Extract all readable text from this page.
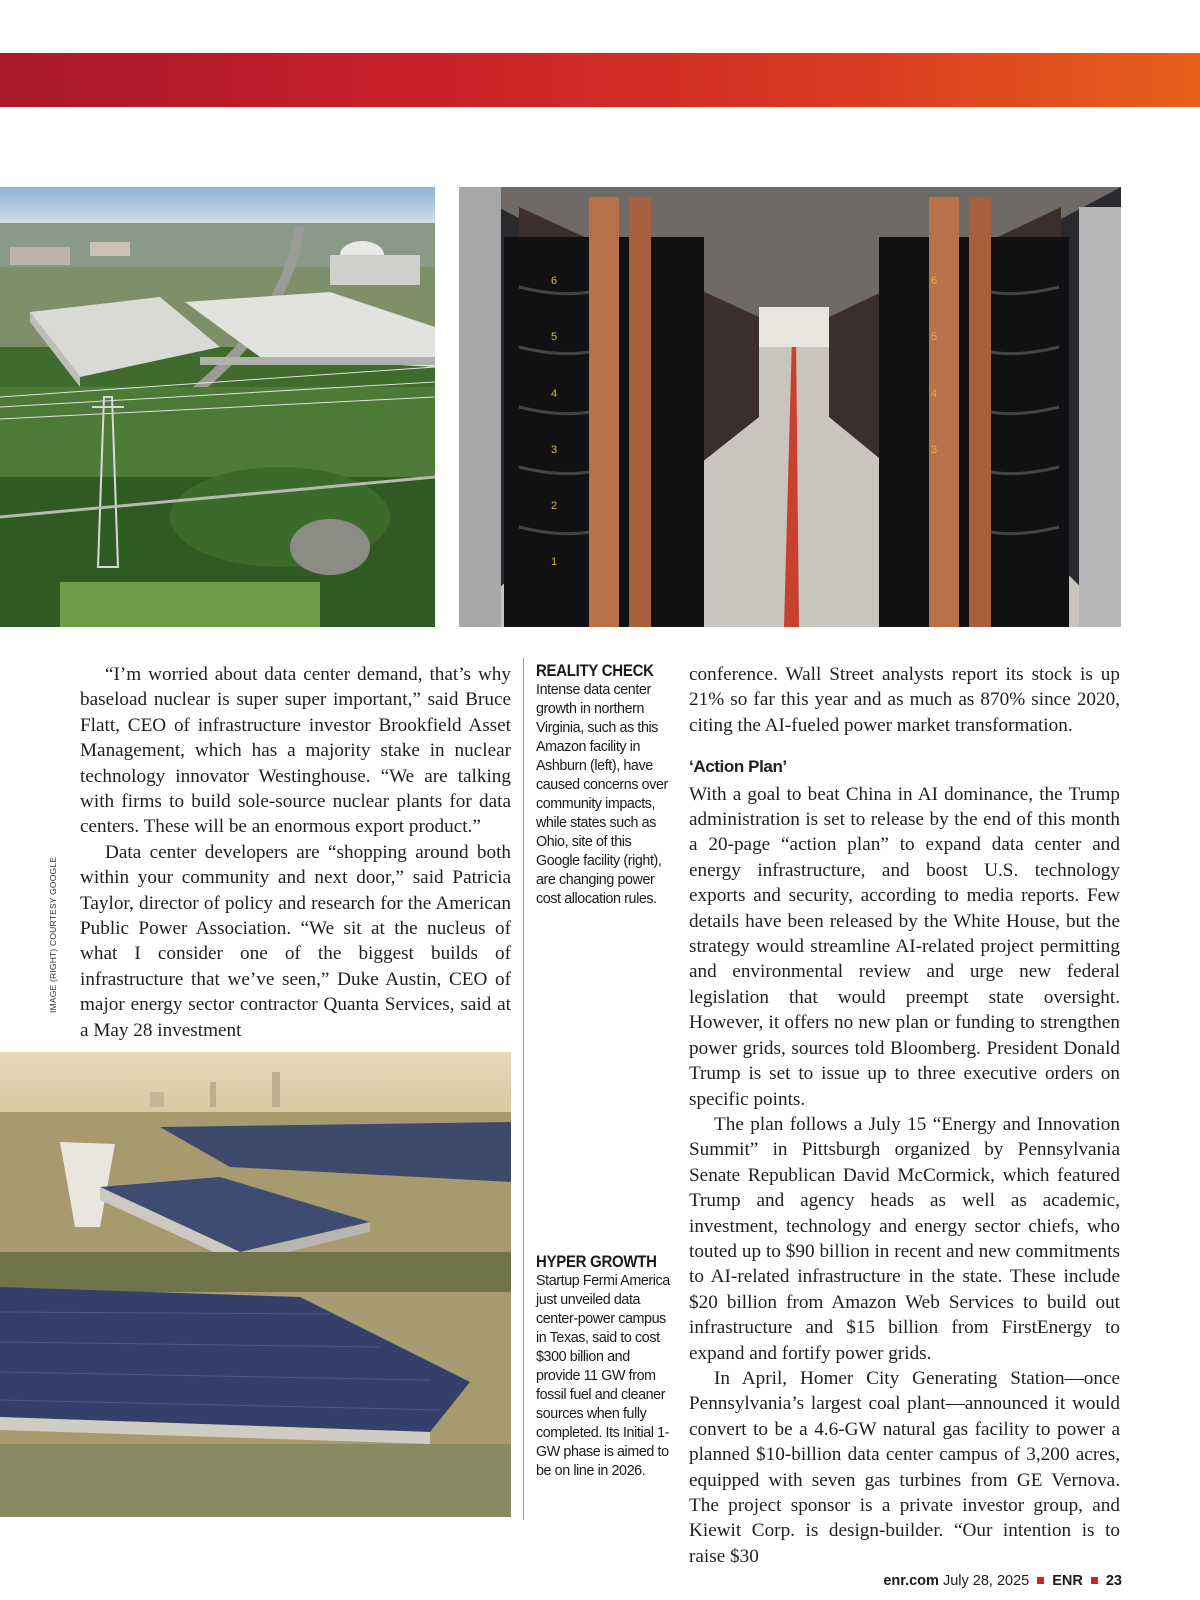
6
5
4
3
2
1
6
5
4
3
IMAGE (RIGHT) COURTESY GOOGLE

“I’m worried about data center demand, that’s why baseload nuclear is super super important,” said Bruce Flatt, CEO of infrastructure investor Brookfield Asset Management, which has a majority stake in nuclear technology innovator Westinghouse. “We are talking with firms to build sole-source nuclear plants for data centers. These will be an enormous export product.”

Data center developers are “shopping around both within your community and next door,” said Patricia Taylor, director of policy and research for the American Public Power Association. “We sit at the nucleus of what I consider one of the biggest builds of infrastructure that we’ve seen,” Duke Austin, CEO of major energy sector contractor Quanta Services, said at a May 28 investment

REALITY CHECK
Intense data center growth in northern Virginia, such as this Amazon facility in Ashburn (left), have caused concerns over community impacts, while states such as Ohio, site of this Google facility (right), are changing power cost allocation rules.
HYPER GROWTH
Startup Fermi America just unveiled data center-power campus in Texas, said to cost $300 billion and provide 11 GW from fossil fuel and cleaner sources when fully completed. Its Initial 1-GW phase is aimed to be on line in 2026.

conference. Wall Street analysts report its stock is up 21% so far this year and as much as 870% since 2020, citing the AI-fueled power market transformation.

‘Action Plan’

With a goal to beat China in AI dominance, the Trump administration is set to release by the end of this month a 20-page “action plan” to expand data center and energy infrastructure, and boost U.S. technology exports and security, according to media reports. Few details have been released by the White House, but the strategy would streamline AI-related project permitting and environmental review and urge new federal legislation that would preempt state oversight. However, it offers no new plan or funding to strengthen power grids, sources told Bloomberg. President Donald Trump is set to issue up to three executive orders on specific points.

The plan follows a July 15 “Energy and Innovation Summit” in Pittsburgh organized by Pennsylvania Senate Republican David McCormick, which featured Trump and agency heads as well as academic, investment, technology and energy sector chiefs, who touted up to $90 billion in recent and new commitments to AI-related infrastructure in the state. These include $20 billion from Amazon Web Services to build out infrastructure and $15 billion from FirstEnergy to expand and fortify power grids.

In April, Homer City Generating Station—once Pennsylvania’s largest coal plant—announced it would convert to be a 4.6-GW natural gas facility to power a planned $10-billion data center campus of 3,200 acres, equipped with seven gas turbines from GE Vernova. The project sponsor is a private investor group, and Kiewit Corp. is design-builder. “Our intention is to raise $30

enr.com July 28, 2025 ENR 23
